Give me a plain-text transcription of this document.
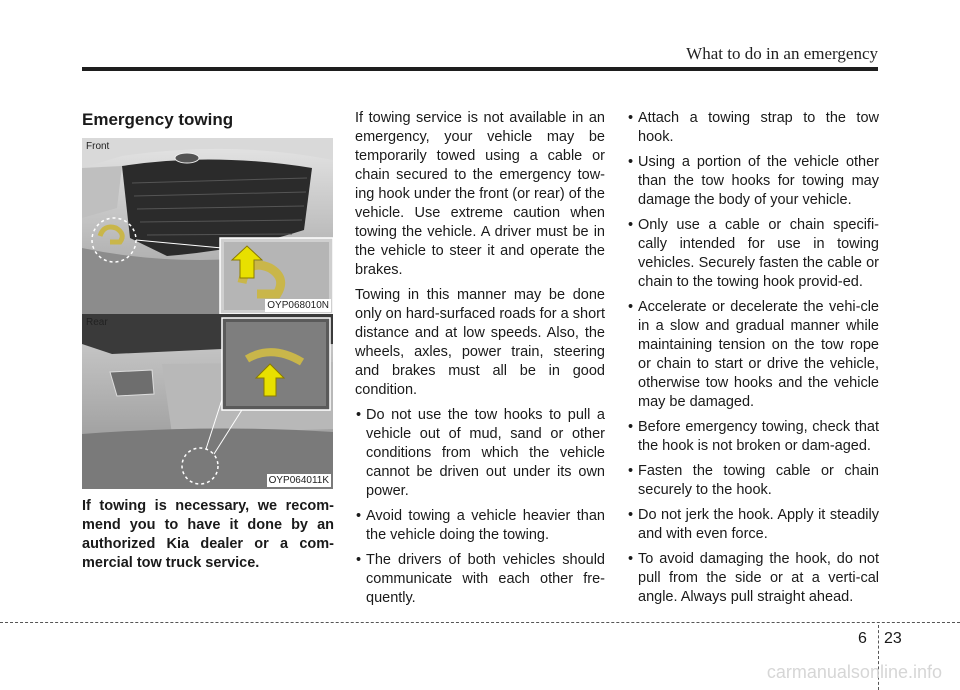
What to do in an emergency
Emergency towing
Front
OYP068010N
Rear
OYP064011K
If towing is necessary, we recom-mend you to have it done by an authorized Kia dealer or a com-mercial tow truck service.

If towing service is not available in an emergency, your vehicle may be temporarily towed using a cable or chain secured to the emergency tow-ing hook under the front (or rear) of the vehicle. Use extreme caution when towing the vehicle. A driver must be in the vehicle to steer it and operate the brakes.

Towing in this manner may be done only on hard-surfaced roads for a short distance and at low speeds. Also, the wheels, axles, power train, steering and brakes must all be in good condition.

• Do not use the tow hooks to pull a vehicle out of mud, sand or other conditions from which the vehicle cannot be driven out under its own power.
• Avoid towing a vehicle heavier than the vehicle doing the towing.
• The drivers of both vehicles should communicate with each other fre-quently.
• Attach a towing strap to the tow hook.
• Using a portion of the vehicle other than the tow hooks for towing may damage the body of your vehicle.
• Only use a cable or chain specifi-cally intended for use in towing vehicles. Securely fasten the cable or chain to the towing hook provid-ed.
• Accelerate or decelerate the vehi-cle in a slow and gradual manner while maintaining tension on the tow rope or chain to start or drive the vehicle, otherwise tow hooks and the vehicle may be damaged.
• Before emergency towing, check that the hook is not broken or dam-aged.
• Fasten the towing cable or chain securely to the hook.
• Do not jerk the hook. Apply it steadily and with even force.
• To avoid damaging the hook, do not pull from the side or at a verti-cal angle. Always pull straight ahead.
6 23
carmanualsonline.info
